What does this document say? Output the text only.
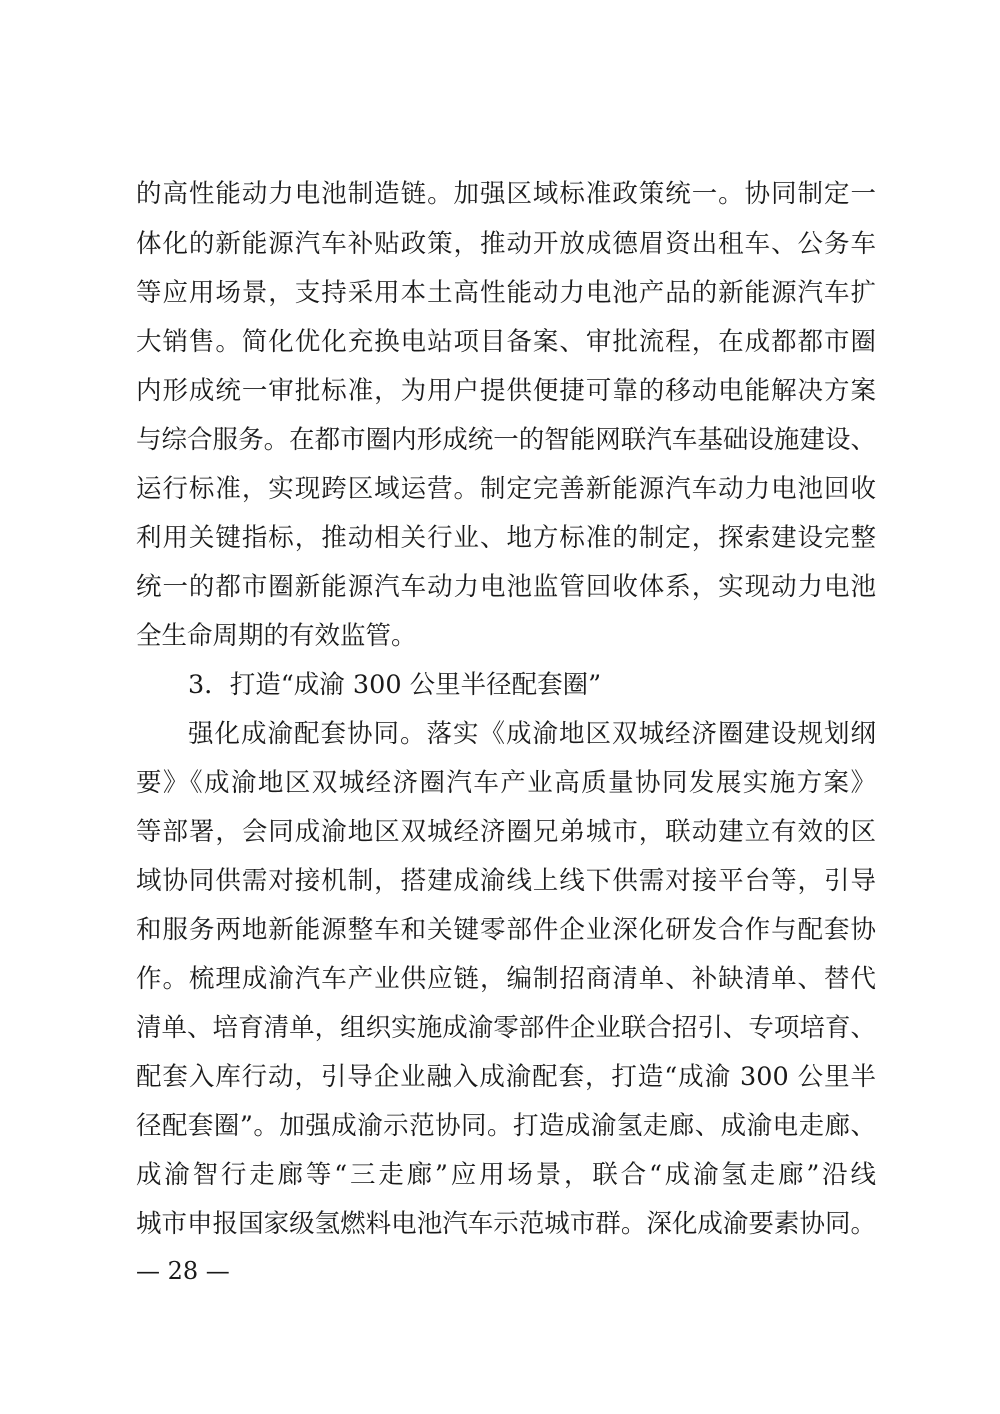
的高性能动力电池制造链。加强区域标准政策统一。协同制定一
体化的新能源汽车补贴政策，推动开放成德眉资出租车、公务车
等应用场景，支持采用本土高性能动力电池产品的新能源汽车扩
大销售。简化优化充换电站项目备案、审批流程，在成都都市圈
内形成统一审批标准，为用户提供便捷可靠的移动电能解决方案
与综合服务。在都市圈内形成统一的智能网联汽车基础设施建设、
运行标准，实现跨区域运营。制定完善新能源汽车动力电池回收
利用关键指标，推动相关行业、地方标准的制定，探索建设完整
统一的都市圈新能源汽车动力电池监管回收体系，实现动力电池
全生命周期的有效监管。
3．打造“成渝 300 公里半径配套圈”
强化成渝配套协同。落实《成渝地区双城经济圈建设规划纲
要》《成渝地区双城经济圈汽车产业高质量协同发展实施方案》
等部署，会同成渝地区双城经济圈兄弟城市，联动建立有效的区
域协同供需对接机制，搭建成渝线上线下供需对接平台等，引导
和服务两地新能源整车和关键零部件企业深化研发合作与配套协
作。梳理成渝汽车产业供应链，编制招商清单、补缺清单、替代
清单、培育清单，组织实施成渝零部件企业联合招引、专项培育、
配套入库行动，引导企业融入成渝配套，打造“成渝 300 公里半
径配套圈”。加强成渝示范协同。打造成渝氢走廊、成渝电走廊、
成渝智行走廊等“三走廊”应用场景，联合“成渝氢走廊”沿线
城市申报国家级氢燃料电池汽车示范城市群。深化成渝要素协同。
— 28 —
